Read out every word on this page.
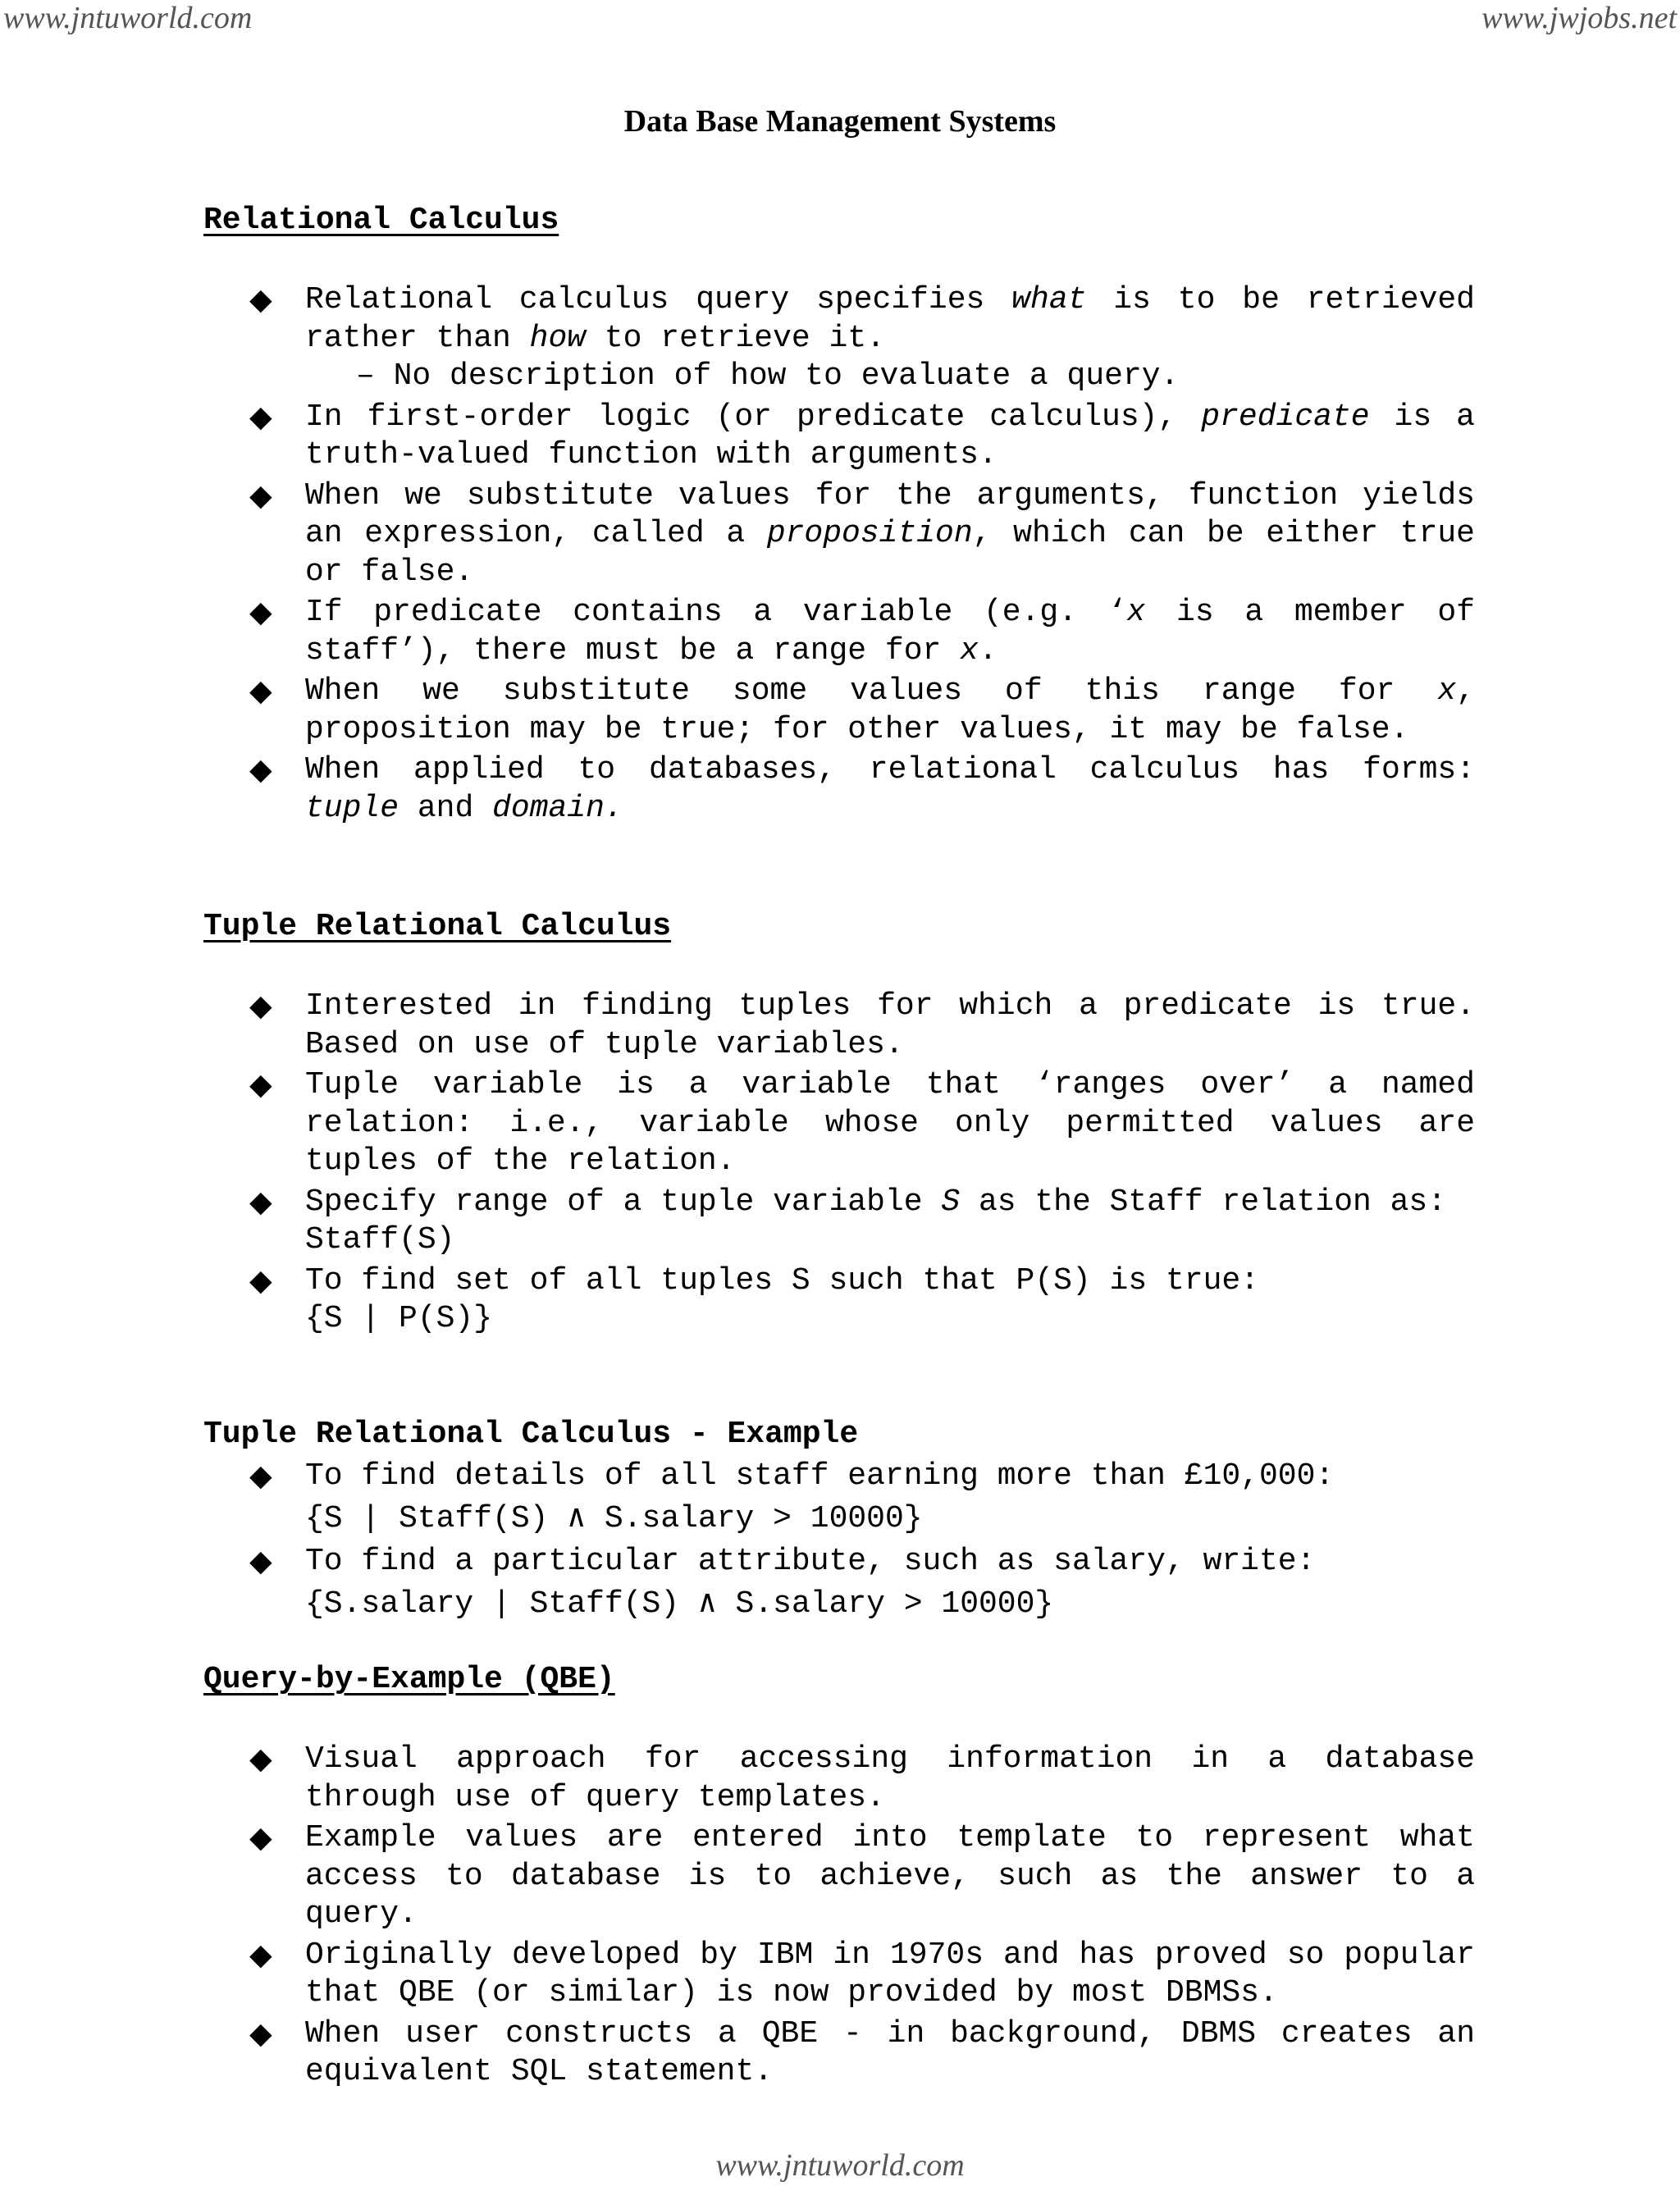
www.jntuworld.com	www.jwjobs.net
Data Base Management Systems
Relational Calculus
◆ Relational calculus query specifies what is to be retrieved rather than how to retrieve it.
– No description of how to evaluate a query.
◆ In first-order logic (or predicate calculus), predicate is a truth-valued function with arguments.
◆ When we substitute values for the arguments, function yields an expression, called a proposition, which can be either true or false.
◆ If predicate contains a variable (e.g. ‘x is a member of staff’), there must be a range for x.
◆ When we substitute some values of this range for x, proposition may be true; for other values, it may be false.
◆ When applied to databases, relational calculus has forms: tuple and domain.
Tuple Relational Calculus
◆ Interested in finding tuples for which a predicate is true. Based on use of tuple variables.
◆ Tuple variable is a variable that ‘ranges over’ a named relation: i.e., variable whose only permitted values are tuples of the relation.
◆ Specify range of a tuple variable S as the Staff relation as:
Staff(S)
◆ To find set of all tuples S such that P(S) is true:
{S | P(S)}
Tuple Relational Calculus - Example
◆ To find details of all staff earning more than £10,000:
{S | Staff(S) ∧ S.salary > 10000}
◆ To find a particular attribute, such as salary, write:
{S.salary | Staff(S) ∧ S.salary > 10000}
Query-by-Example (QBE)
◆ Visual approach for accessing information in a database through use of query templates.
◆ Example values are entered into template to represent what access to database is to achieve, such as the answer to a query.
◆ Originally developed by IBM in 1970s and has proved so popular that QBE (or similar) is now provided by most DBMSs.
◆ When user constructs a QBE - in background, DBMS creates an equivalent SQL statement.
www.jntuworld.com
